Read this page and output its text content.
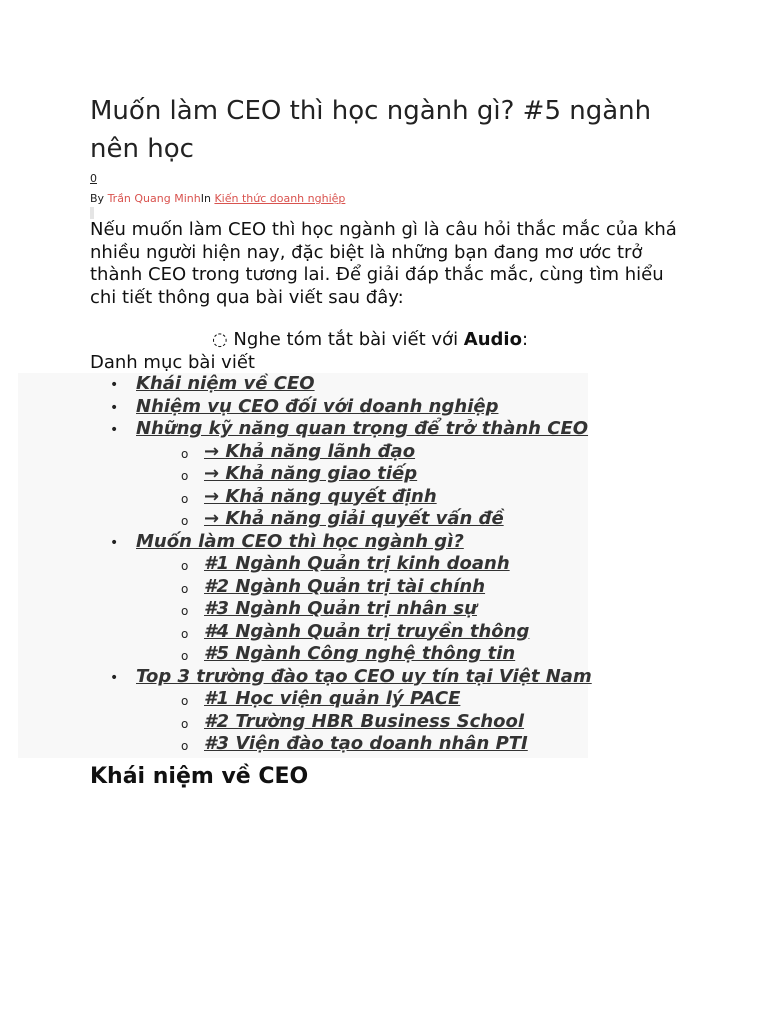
Muốn làm CEO thì học ngành gì? #5 ngành nên học
0
By Trần Quang MinhIn Kiến thức doanh nghiệp

Nếu muốn làm CEO thì học ngành gì là câu hỏi thắc mắc của khá nhiều người hiện nay, đặc biệt là những bạn đang mơ ước trở thành CEO trong tương lai. Để giải đáp thắc mắc, cùng tìm hiểu chi tiết thông qua bài viết sau đây:

◌ Nghe tóm tắt bài viết với Audio:
Danh mục bài viết
• Khái niệm về CEO
• Nhiệm vụ CEO đối với doanh nghiệp
• Những kỹ năng quan trọng để trở thành CEO
o → Khả năng lãnh đạo
o → Khả năng giao tiếp
o → Khả năng quyết định
o → Khả năng giải quyết vấn đề
• Muốn làm CEO thì học ngành gì?
o #1 Ngành Quản trị kinh doanh
o #2 Ngành Quản trị tài chính
o #3 Ngành Quản trị nhân sự
o #4 Ngành Quản trị truyền thông
o #5 Ngành Công nghệ thông tin
• Top 3 trường đào tạo CEO uy tín tại Việt Nam
o #1 Học viện quản lý PACE
o #2 Trường HBR Business School
o #3 Viện đào tạo doanh nhân PTI
Khái niệm về CEO
